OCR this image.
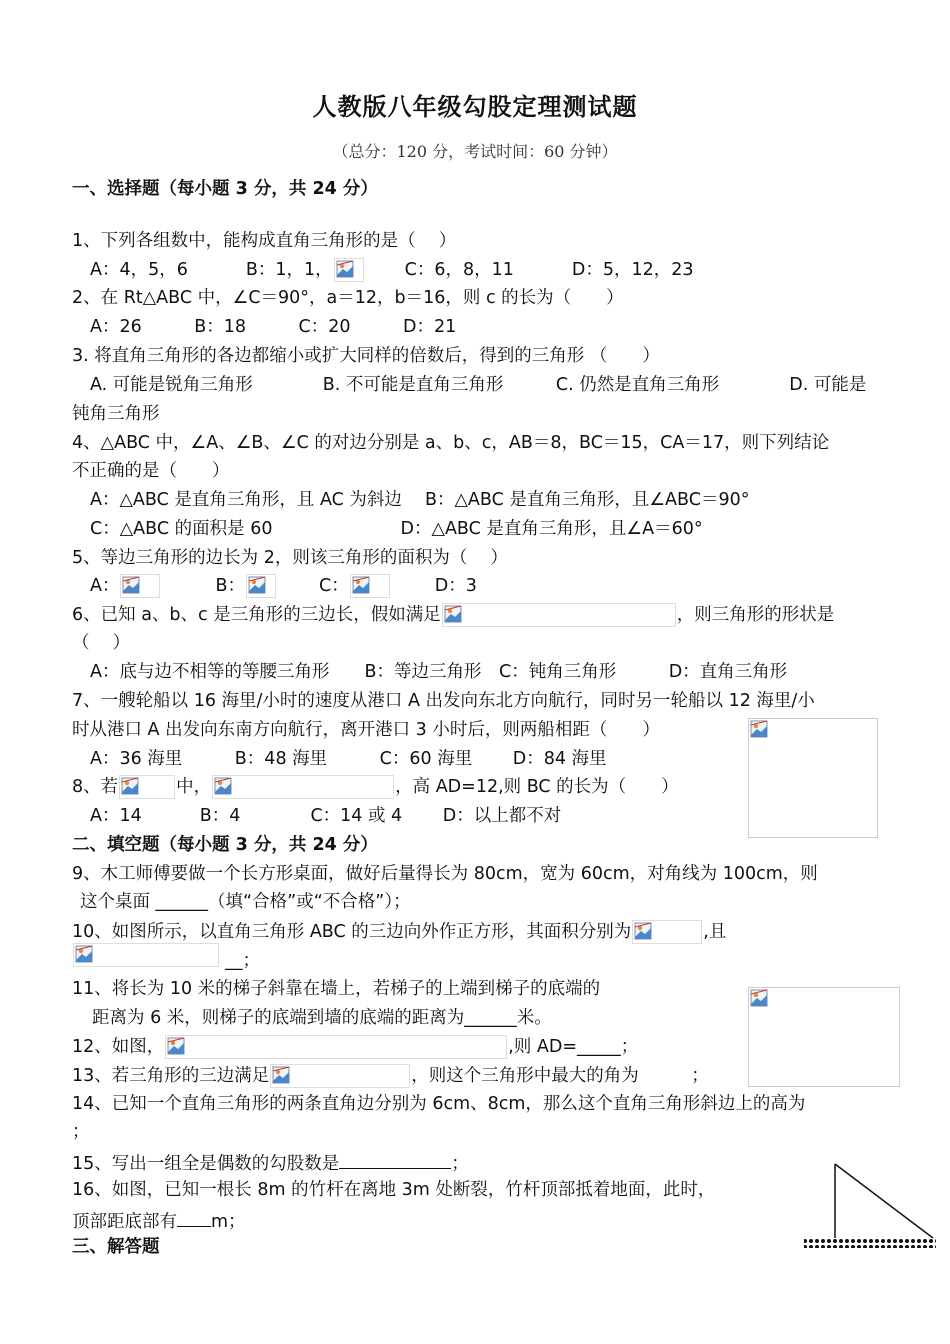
人教版八年级勾股定理测试题
（总分：120 分，考试时间：60 分钟）
一、选择题（每小题 3 分，共 24 分）
1、下列各组数中，能构成直角三角形的是（　 ）
A：4，5，6	B：1，1，	C：6，8，11	D：5，12，23
2、在 Rt△ABC 中，∠C＝90°，a＝12，b＝16，则 c 的长为（　　）
A：26　　　B：18　　　C：20　　　D：21
3. 将直角三角形的各边都缩小或扩大同样的倍数后，得到的三角形 （　　）
A. 可能是锐角三角形　　　　B. 不可能是直角三角形　　　C. 仍然是直角三角形　　　　D. 可能是
钝角三角形
4、△ABC 中，∠A、∠B、∠C 的对边分别是 a、b、c，AB＝8，BC＝15，CA＝17，则下列结论
不正确的是（　　）
A：△ABC 是直角三角形，且 AC 为斜边　 B：△ABC 是直角三角形，且∠ABC＝90°
C：△ABC 的面积是 60　　　　　　　 D：△ABC 是直角三角形，且∠A＝60°
5、等边三角形的边长为 2，则该三角形的面积为（　 ）
A：	B：	C：	D：3
6、已知 a、b、c 是三角形的三边长，假如满足	，则三角形的形状是
（　 ）
A：底与边不相等的等腰三角形　　B：等边三角形　C：钝角三角形　　　D：直角三角形
7、一艘轮船以 16 海里/小时的速度从港口 A 出发向东北方向航行，同时另一轮船以 12 海里/小
时从港口 A 出发向东南方向航行，离开港口 3 小时后，则两船相距（　　）
A：36 海里　　　B：48 海里　　　C：60 海里　　 D：84 海里
8、若	中，	，高 AD=12,则 BC 的长为（　　）
A：14　　　 B：4　　　　C：14 或 4　　 D：以上都不对
二、填空题（每小题 3 分，共 24 分）
9、木工师傅要做一个长方形桌面，做好后量得长为 80cm，宽为 60cm，对角线为 100cm，则
这个桌面 ______（填“合格”或“不合格”）；
10、如图所示，以直角三角形 ABC 的三边向外作正方形，其面积分别为	,且
__；
11、将长为 10 米的梯子斜靠在墙上，若梯子的上端到梯子的底端的
距离为 6 米，则梯子的底端到墙的底端的距离为______米。
12、如图，	,则 AD=_____；
13、若三角形的三边满足	，则这个三角形中最大的角为　　　；
14、已知一个直角三角形的两条直角边分别为 6cm、8cm，那么这个直角三角形斜边上的高为
；
15、写出一组全是偶数的勾股数是	；
16、如图，已知一根长 8m 的竹杆在离地 3m 处断裂，竹杆顶部抵着地面，此时，
顶部距底部有 m；
三、解答题
